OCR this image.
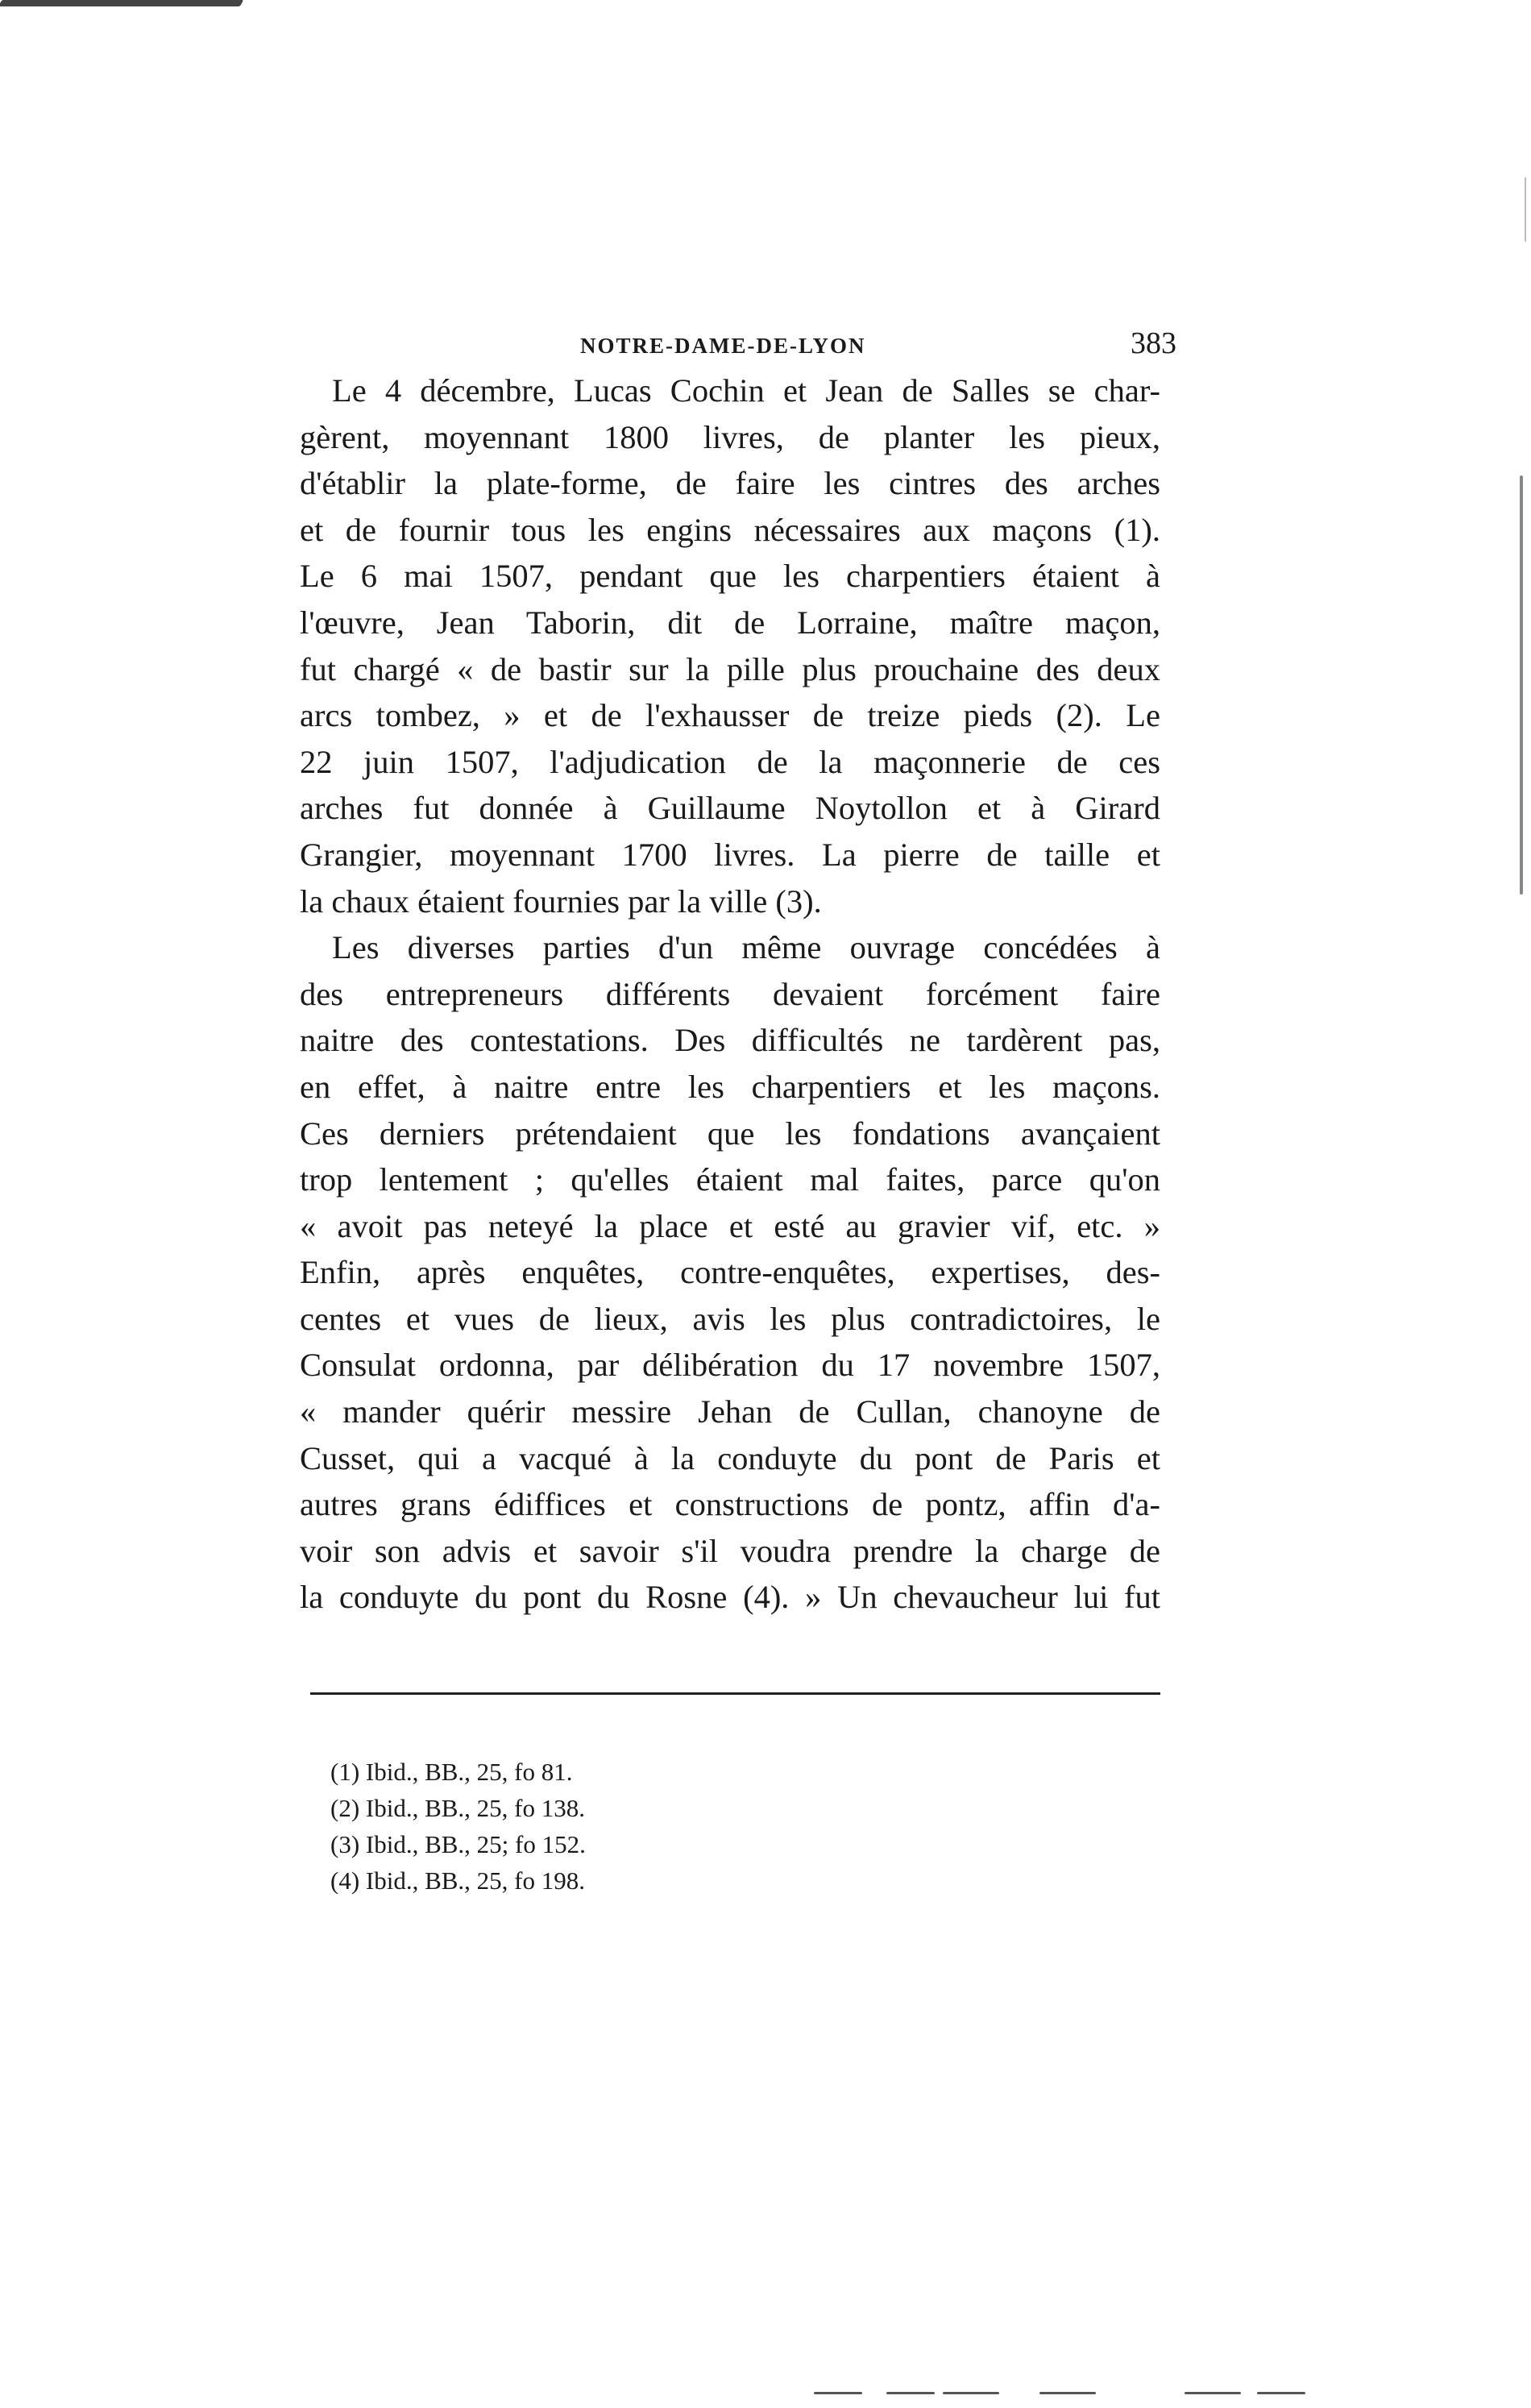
NOTRE-DAME-DE-LYON	383
Le 4 décembre, Lucas Cochin et Jean de Salles se char-
gèrent, moyennant 1800 livres, de planter les pieux,
d'établir la plate-forme, de faire les cintres des arches
et de fournir tous les engins nécessaires aux maçons (1).
Le 6 mai 1507, pendant que les charpentiers étaient à
l'œuvre, Jean Taborin, dit de Lorraine, maître maçon,
fut chargé « de bastir sur la pille plus prouchaine des deux
arcs tombez, » et de l'exhausser de treize pieds (2). Le
22 juin 1507, l'adjudication de la maçonnerie de ces
arches fut donnée à Guillaume Noytollon et à Girard
Grangier, moyennant 1700 livres. La pierre de taille et
la chaux étaient fournies par la ville (3).
Les diverses parties d'un même ouvrage concédées à
des entrepreneurs différents devaient forcément faire
naitre des contestations. Des difficultés ne tardèrent pas,
en effet, à naitre entre les charpentiers et les maçons.
Ces derniers prétendaient que les fondations avançaient
trop lentement ; qu'elles étaient mal faites, parce qu'on
« avoit pas neteyé la place et esté au gravier vif, etc. »
Enfin, après enquêtes, contre-enquêtes, expertises, des-
centes et vues de lieux, avis les plus contradictoires, le
Consulat ordonna, par délibération du 17 novembre 1507,
« mander quérir messire Jehan de Cullan, chanoyne de
Cusset, qui a vacqué à la conduyte du pont de Paris et
autres grans édiffices et constructions de pontz, affin d'a-
voir son advis et savoir s'il voudra prendre la charge de
la conduyte du pont du Rosne (4). » Un chevaucheur lui fut
(1) Ibid., BB., 25, fo 81.
(2) Ibid., BB., 25, fo 138.
(3) Ibid., BB., 25; fo 152.
(4) Ibid., BB., 25, fo 198.
